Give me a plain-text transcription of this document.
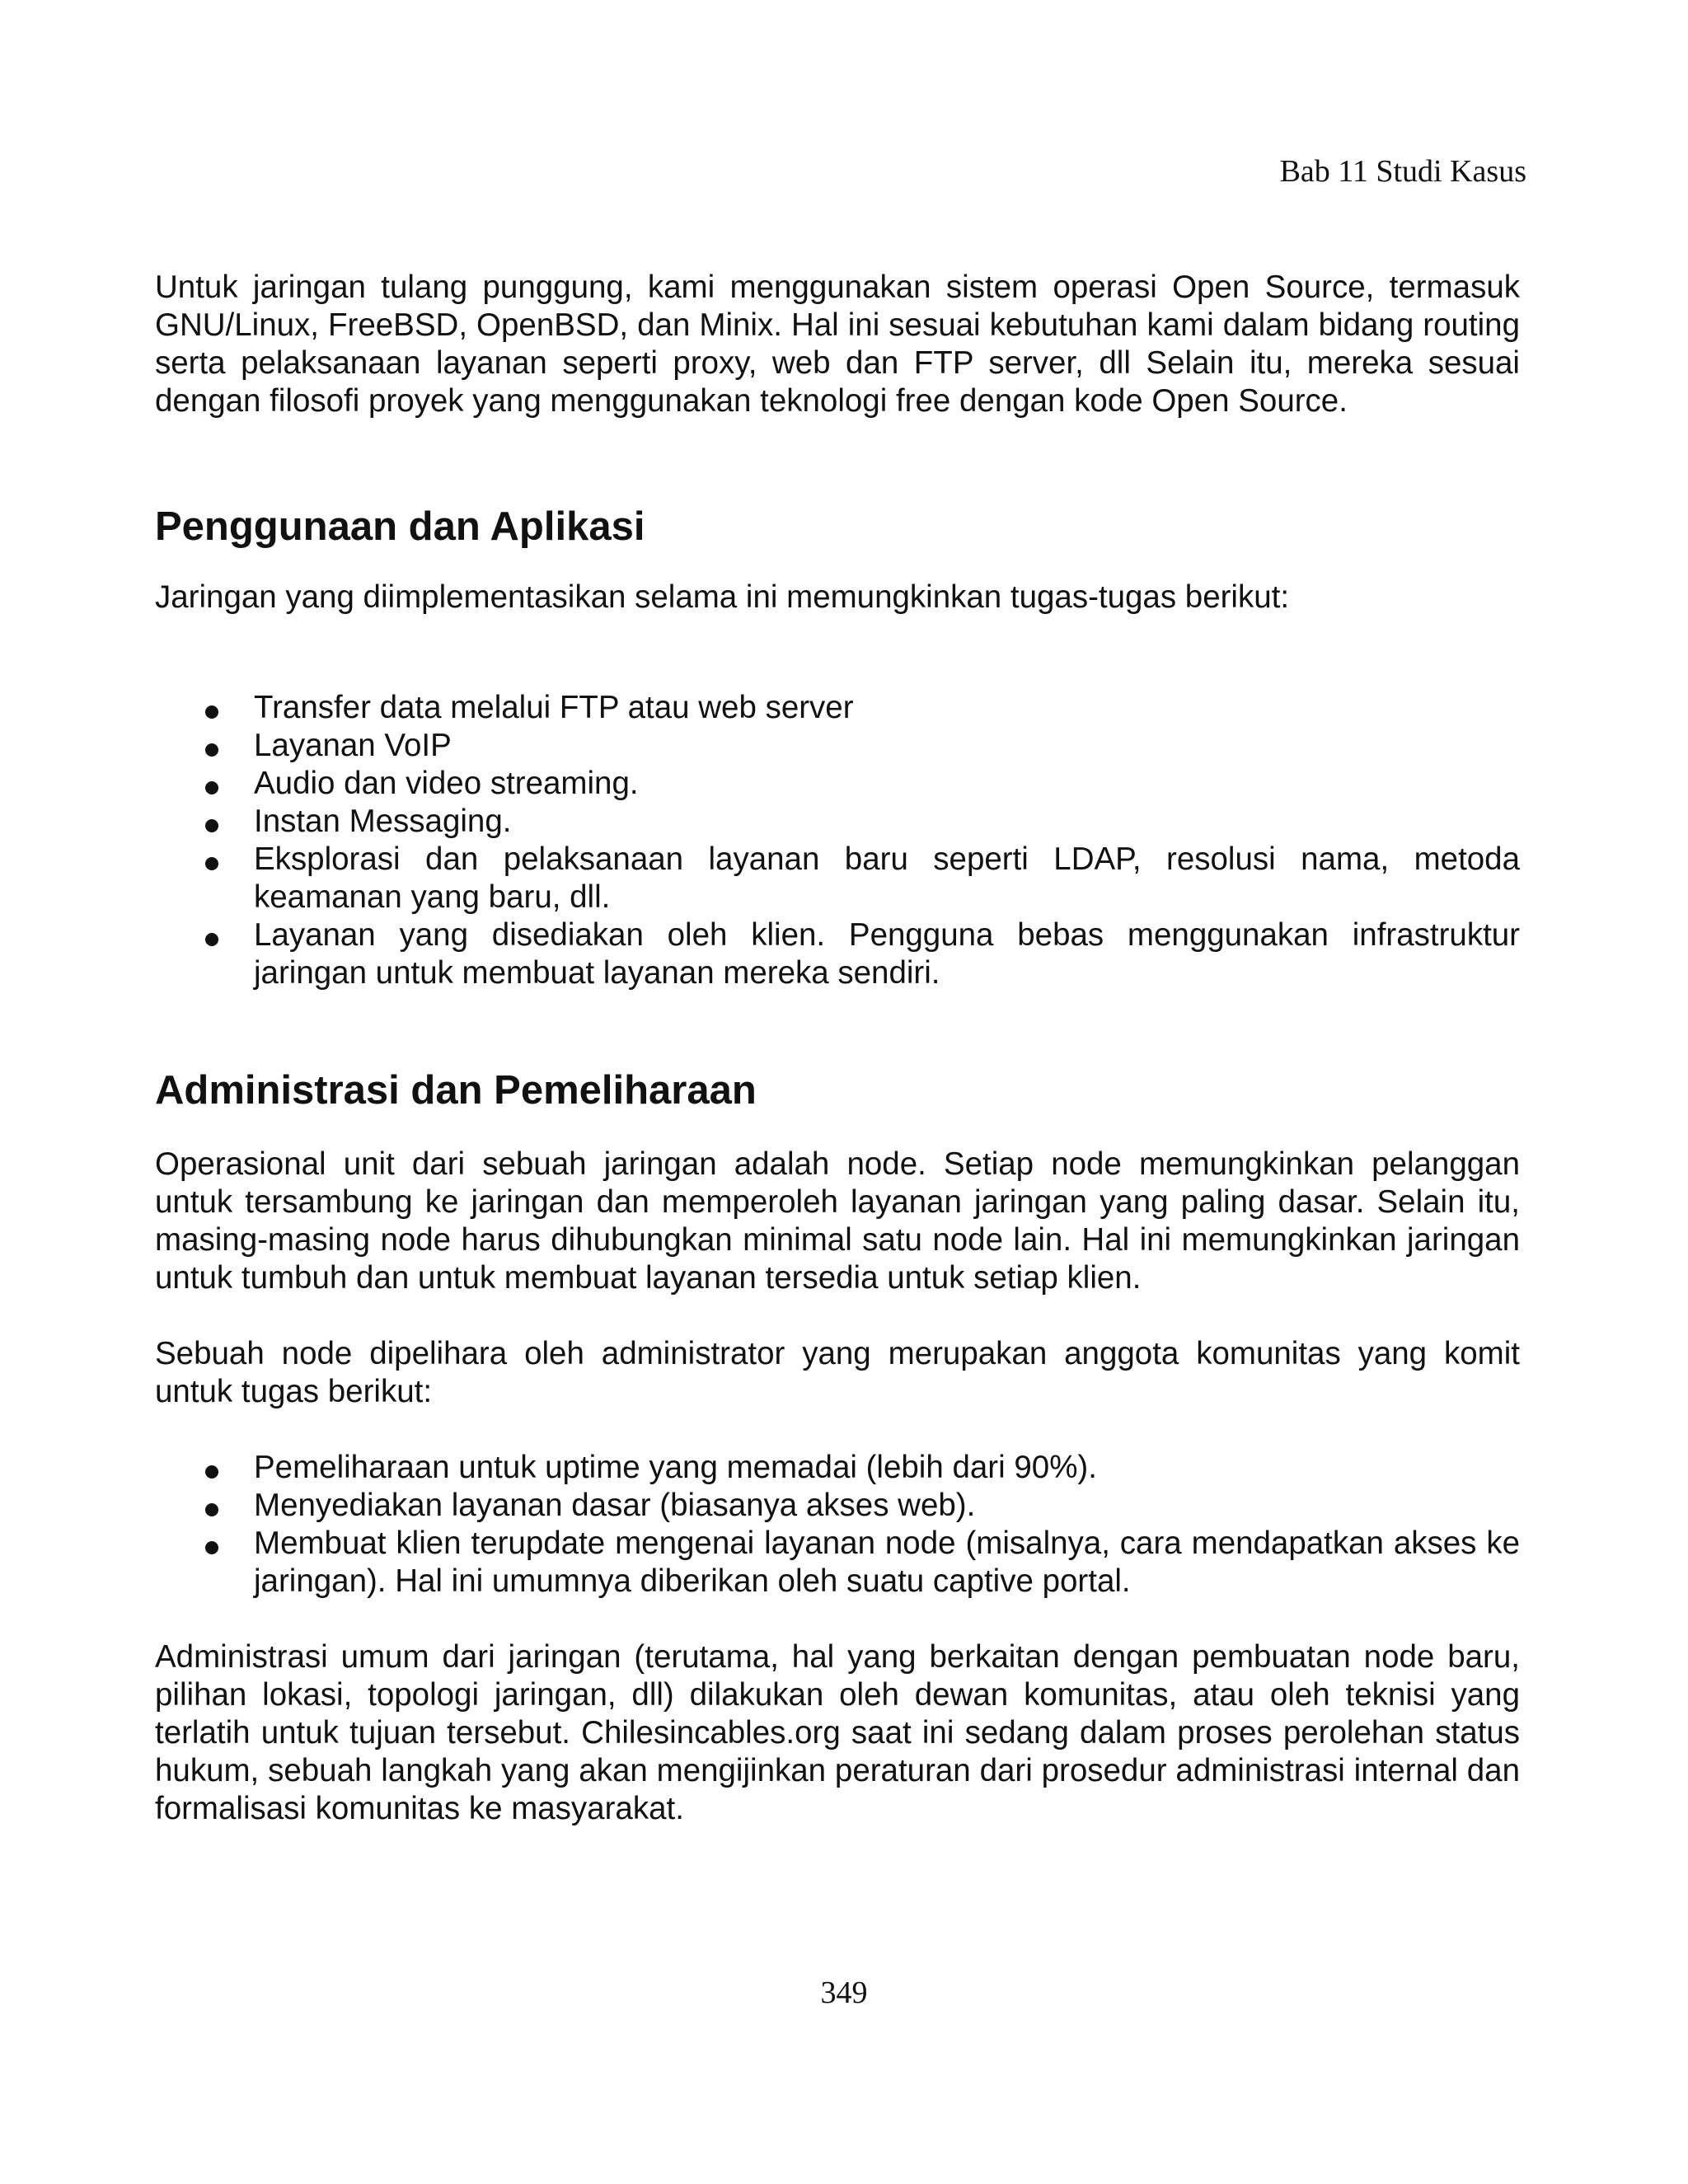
Bab 11 Studi Kasus

Untuk jaringan tulang punggung, kami menggunakan sistem operasi Open Source, termasuk GNU/Linux, FreeBSD, OpenBSD, dan Minix. Hal ini sesuai kebutuhan kami dalam bidang routing serta pelaksanaan layanan seperti proxy, web dan FTP server, dll Selain itu, mereka sesuai dengan filosofi proyek yang menggunakan teknologi free dengan kode Open Source.

Penggunaan dan Aplikasi

Jaringan yang diimplementasikan selama ini memungkinkan tugas-tugas berikut:

Transfer data melalui FTP atau web server
Layanan VoIP
Audio dan video streaming.
Instan Messaging.
Eksplorasi dan pelaksanaan layanan baru seperti LDAP, resolusi nama, metoda keamanan yang baru, dll.
Layanan yang disediakan oleh klien. Pengguna bebas menggunakan infrastruktur jaringan untuk membuat layanan mereka sendiri.
Administrasi dan Pemeliharaan

Operasional unit dari sebuah jaringan adalah node. Setiap node memungkinkan pelanggan untuk tersambung ke jaringan dan memperoleh layanan jaringan yang paling dasar. Selain itu, masing-masing node harus dihubungkan minimal satu node lain. Hal ini memungkinkan jaringan untuk tumbuh dan untuk membuat layanan tersedia untuk setiap klien.

Sebuah node dipelihara oleh administrator yang merupakan anggota komunitas yang komit untuk tugas berikut:

Pemeliharaan untuk uptime yang memadai (lebih dari 90%).
Menyediakan layanan dasar (biasanya akses web).
Membuat klien terupdate mengenai layanan node (misalnya, cara mendapatkan akses ke jaringan). Hal ini umumnya diberikan oleh suatu captive portal.

Administrasi umum dari jaringan (terutama, hal yang berkaitan dengan pembuatan node baru, pilihan lokasi, topologi jaringan, dll) dilakukan oleh dewan komunitas, atau oleh teknisi yang terlatih untuk tujuan tersebut. Chilesincables.org saat ini sedang dalam proses perolehan status hukum, sebuah langkah yang akan mengijinkan peraturan dari prosedur administrasi internal dan formalisasi komunitas ke masyarakat.

349
